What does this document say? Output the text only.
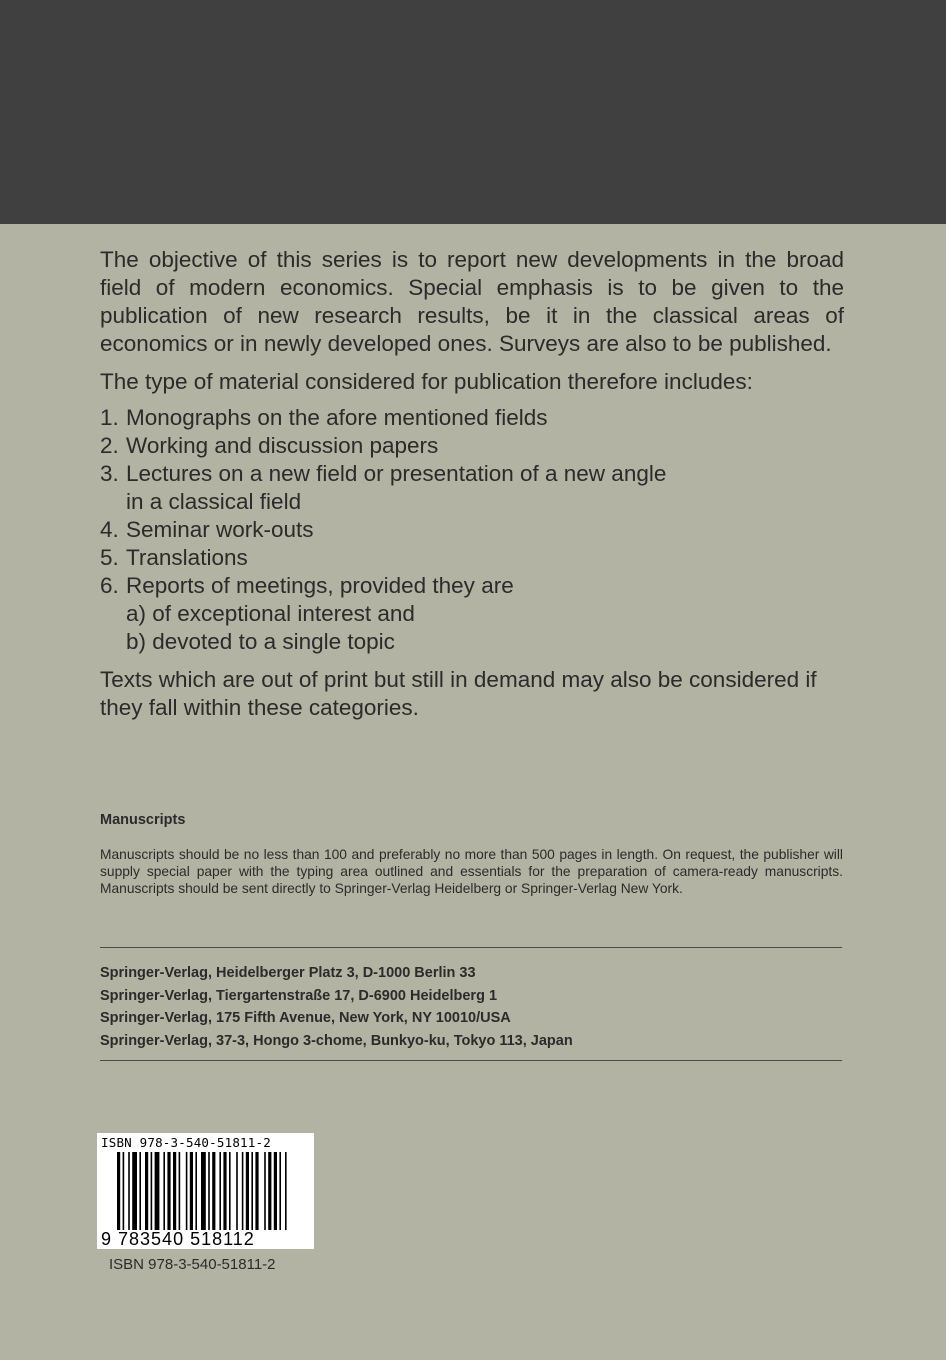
The objective of this series is to report new developments in the broad field of modern economics. Special emphasis is to be given to the publication of new research results, be it in the classical areas of economics or in newly developed ones. Surveys are also to be published.

The type of material considered for publication therefore includes:

1. Monographs on the afore mentioned fields
2. Working and discussion papers
3. Lectures on a new field or presentation of a new angle
in a classical field
4. Seminar work-outs
5. Translations
6. Reports of meetings, provided they are
a) of exceptional interest and
b) devoted to a single topic

Texts which are out of print but still in demand may also be considered if they fall within these categories.

Manuscripts

Manuscripts should be no less than 100 and preferably no more than 500 pages in length. On request, the publisher will supply special paper with the typing area outlined and essentials for the preparation of camera-ready manuscripts. Manuscripts should be sent directly to Springer-Verlag Heidelberg or Springer-Verlag New York.

Springer-Verlag, Heidelberger Platz 3, D-1000 Berlin 33
Springer-Verlag, Tiergartenstraße 17, D-6900 Heidelberg 1
Springer-Verlag, 175 Fifth Avenue, New York, NY 10010/USA
Springer-Verlag, 37-3, Hongo 3-chome, Bunkyo-ku, Tokyo 113, Japan
ISBN 978-3-540-51811-2
9 783540 518112

ISBN 978-3-540-51811-2
